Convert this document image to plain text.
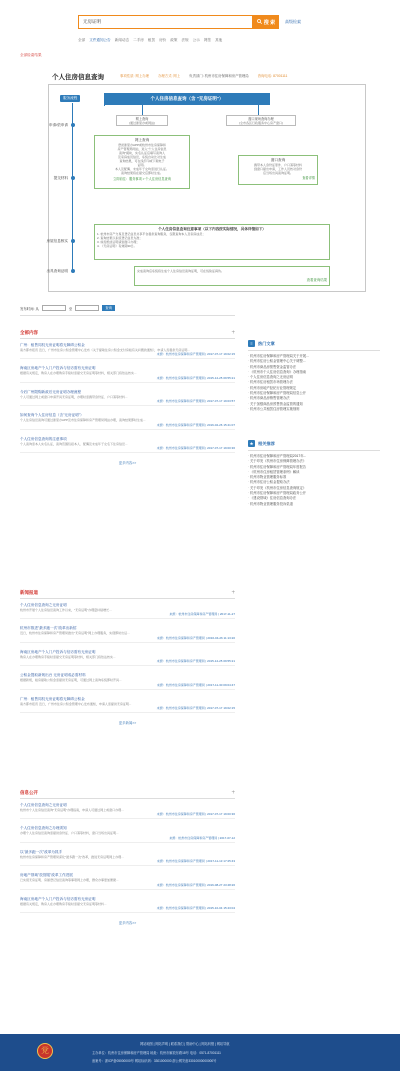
无房证明
搜 索 高级检索
全部 文件通知公告 新闻动态 二手房 租赁 房价 政策 法规 公示 网签 其他
全部检索结果
个人住房信息查询	事项性质: 网上办理	办理方式: 网上	负责部门: 杭州市住房保障和房产管理局	咨询电话: 87001111
服务流程	个人住房信息查询（含 "无房证明"）
申请/依申请
提交材料
房屋信息核实
出具查询证明
网上查询
(通过浙里办或网站)
窗口现场查询办理
(全市各区行政服务中心房产窗口)
网上查询
登录浙里办APP或杭州市住房保障和
房产管理局网站，进入"个人住房信息
查询"模块，实名认证后填写查询人
及家庭成员信息，系统自动比对生成
查询结果，可在线打印或下载电子
证明。
本人及配偶、未成年子女均需进行认证。
查询结果将在提交后即时生成。
立即前往：服务事项 > 个人住房信息查询
窗口查询
携带本人身份证原件、户口簿等材料
到窗口提出申请，工作人员核对身份
后当场出具查询证明。
查看详情
个人住房信息查询注意事项（以下内容按实际情况，具体详情如下）
1. 杭州市房产交易及登记信息共享平台提供查询服务，仅限查询本人及家庭成员；
2. 查询结果以系统登记信息为准；
3. 如需纸质证明请到窗口办理；
4. 《无房证明》有效期30日。
完成查询后系统将生成个人住房信息查询证明，可在线验证真伪。
查看查询结果
发布时间: 从	至	查询
全部内容	+
广州：租售同权无房证明将无障碍公积金
南方都市报讯 近日，广州市住房公积金管理中心发布《关于提取住房公积金支付房租有关问题的通知》，申请人需提供无房证明...
来源：杭州市住房保障和房产管理局 | 2017-07-17 19:02:15
海南区房地产个人门户投诉与信访需有无房证明
根据有关规定，购房人在办理购房手续时需提交无房证明等材料，相关部门将依法核实...
来源：杭州市住房保障和房产管理局 | 2015-12-25 09:55:21
今后广州限购新政后无房证明办理流程
个人可通过网上或窗口申请开具无房证明，办理时需携带身份证、户口簿等材料...
来源：杭州市住房保障和房产管理局 | 2017-07-17 19:03:57
如何查询个人住房信息（含"无房证明"）
个人住房信息查询可通过浙里办APP及市住房保障和房产管理局网站办理，查询结果即时生成...
来源：杭州市住房保障和房产管理局 | 2016-02-26 15:41:07
个人住房信息查询的注意事项
个人查询需本人实名认证，查询范围包括本人、配偶及未成年子女名下住房信息...
来源：杭州市住房保障和房产管理局 | 2017-07-17 19:00:36
更多内容>>
新闻报道	+
个人住房信息查询之无房证明
杭州市开展个人住房信息查询工作以来，"无房证明"办理量持续增长...
来源：杭州市住房保障和房产管理局 | 2017-11-27
杭州市推进"最多跑一次"改革出新招
近日，杭州市住房保障和房产管理局推出"无房证明"网上办理服务，实现即时出证...
来源：杭州市住房保障和房产管理局 | 2016-04-26 11:13:20
海南区房地产个人门户投诉与信访需有无房证明
购房人在办理购房手续时需提交无房证明等材料，相关部门将依法核实...
来源：杭州市住房保障和房产管理局 | 2015-12-25 09:55:21
公积金提取新规出台 无房证明成必需材料
根据新规，租房提取公积金需提供无房证明，可通过网上查询系统即时开具...
来源：杭州市住房保障和房产管理局 | 2017-11-30 09:04:47
广州：租售同权无房证明将无障碍公积金
南方都市报讯 近日，广州市住房公积金管理中心发布通知，申请人需提供无房证明...
来源：杭州市住房保障和房产管理局 | 2017-07-17 19:02:15
更多新闻>>
信息公开	+
个人住房信息查询之无房证明
杭州市个人住房信息查询"无房证明"办理指南，申请人可通过网上或窗口办理...
来源：杭州市住房保障和房产管理局 | 2017-07-17 19:00:36
个人住房信息查询之办理须知
办理个人住房信息查询需提供身份证、户口簿等材料，窗口当场出具证明...
来源：杭州市住房保障和房产管理局 | 2017-07-12
以"最多跑一次"改革为抓手
杭州市住房保障和房产管理局深化"最多跑一次"改革，推进无房证明网上办理...
来源：杭州市住房保障和房产管理局 | 2017-11-13 17:25:43
房地产领域"放管服"改革工作进展
已实现无房证明、房屋登记信息查询等事项网上办理，群众办事更加便捷...
来源：杭州市住房保障和房产管理局 | 2016-08-27 23:48:26
海南区房地产个人门户投诉与信访需有无房证明
根据有关规定，购房人在办理购房手续时需提交无房证明等材料...
来源：杭州市住房保障和房产管理局 | 2015-10-04 15:43:04
更多内容>>
≡	热门文章
· 杭州市住房保障和房产管理局关于开展...
· 杭州市住房公积金管理中心关于调整...
· 杭州市商品房预售资金监管办法
· 《杭州市个人住房信息查询》办理指南
· 个人住房信息查询之无房证明
· 杭州市住房租赁市场管理办法
· 杭州市房地产经纪行业管理规定
· 杭州市住房保障和房产管理局信息公开
· 杭州市商品房销售管理办法
· 关于加强商品房预售资金监管的通知
· 杭州市公共租赁住房管理实施细则
★	相关推荐
· 杭州市住房保障和房产管理局2017年...
· 关于印发《杭州市住房保障管理办法》
· 杭州市住房保障和房产管理局年度报告
· 《杭州市住房租赁管理条例》解读
· 杭州市物业管理服务标准
· 杭州市住房公积金提取办法
· 关于印发《杭州市住房信息查询规定》
· 杭州市住房保障和房产管理局政务公开
· 《建设领域》住房信息查询办法
· 杭州市物业管理服务投诉渠道
党
网站地图 | 网站声明 | 联系我们 | 帮助中心 | 网站纠错 | 网站导航
主办单位：杭州市住房保障和房产管理局 地址：杭州市解放东路18号 电话：0571-87001111
备案号：浙ICP备05000000号 网站标识码：3301000000 浙公网安备33010000000000号
